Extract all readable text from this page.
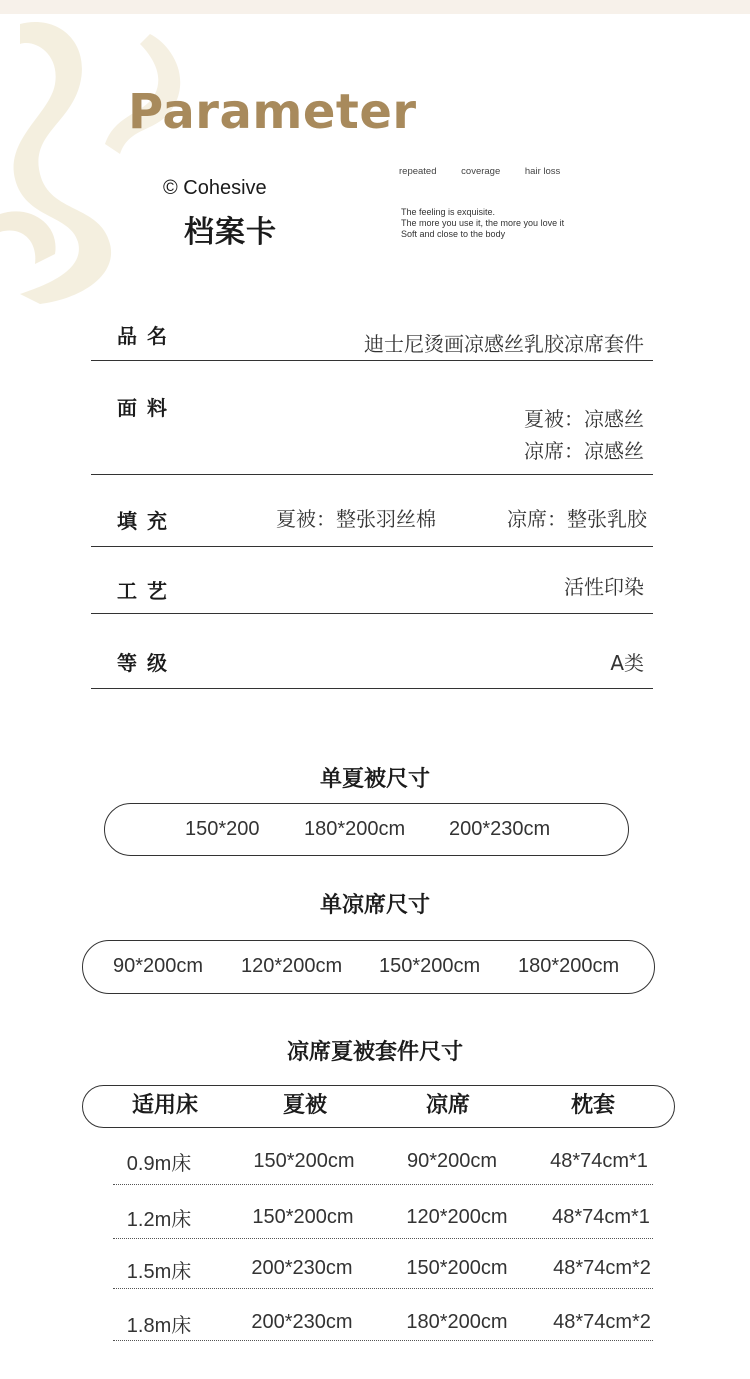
Parameter
© Cohesive
档案卡
repeated	coverage	hair loss
The feeling is exquisite.
The more you use it, the more you love it
Soft and close to the body
品名	迪士尼烫画凉感丝乳胶凉席套件
面料	夏被：凉感丝
凉席：凉感丝
填充	夏被：整张羽丝棉	凉席：整张乳胶
工艺	活性印染
等级	A类
单夏被尺寸
150*200 180*200cm 200*230cm
单凉席尺寸
90*200cm 120*200cm 150*200cm 180*200cm
凉席夏被套件尺寸
适用床	夏被	凉席	枕套
0.9m床	150*200cm	90*200cm	48*74cm*1
1.2m床	150*200cm	120*200cm 48*74cm*1
1.5m床	200*230cm	150*200cm 48*74cm*2
1.8m床	200*230cm	180*200cm 48*74cm*2
